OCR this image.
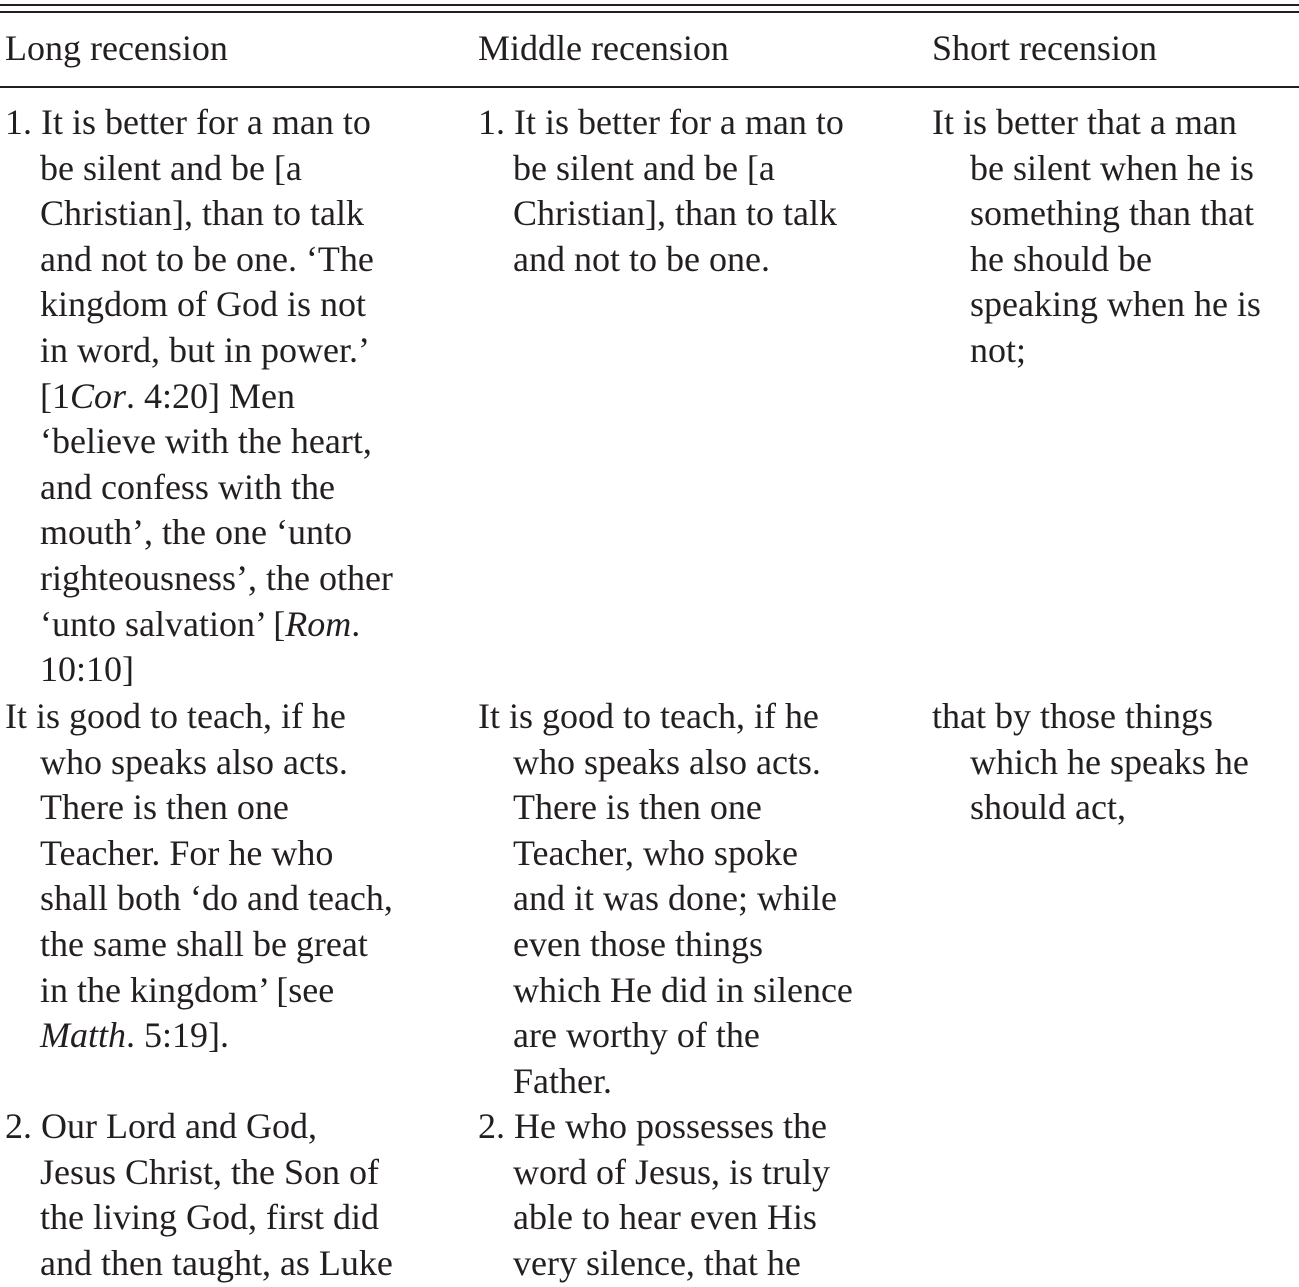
Long recension	Middle recension	Short recension
1. It is better for a man to
be silent and be [a
Christian], than to talk
and not to be one. ‘The
kingdom of God is not
in word, but in power.’
[1Cor. 4:20] Men
‘believe with the heart,
and confess with the
mouth’, the one ‘unto
righteousness’, the other
‘unto salvation’ [Rom.
10:10]
1. It is better for a man to
be silent and be [a
Christian], than to talk
and not to be one.
It is better that a man
be silent when he is
something than that
he should be
speaking when he is
not;
It is good to teach, if he
who speaks also acts.
There is then one
Teacher. For he who
shall both ‘do and teach,
the same shall be great
in the kingdom’ [see
Matth. 5:19].
It is good to teach, if he
who speaks also acts.
There is then one
Teacher, who spoke
and it was done; while
even those things
which He did in silence
are worthy of the
Father.
that by those things
which he speaks he
should act,
2. Our Lord and God,
Jesus Christ, the Son of
the living God, first did
and then taught, as Luke
2. He who possesses the
word of Jesus, is truly
able to hear even His
very silence, that he
